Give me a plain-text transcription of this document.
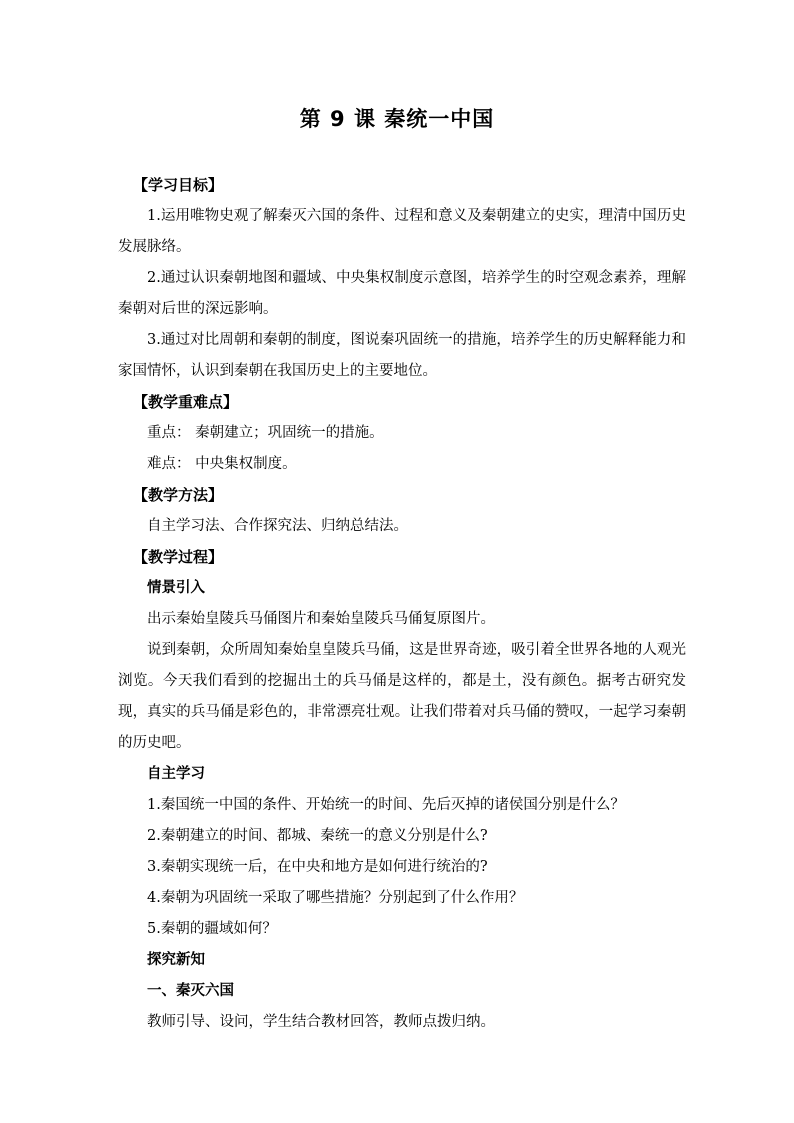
第 9 课 秦统一中国

【学习目标】

1.运用唯物史观了解秦灭六国的条件、过程和意义及秦朝建立的史实，理清中国历史发展脉络。

2.通过认识秦朝地图和疆域、中央集权制度示意图，培养学生的时空观念素养，理解秦朝对后世的深远影响。

3.通过对比周朝和秦朝的制度，图说秦巩固统一的措施，培养学生的历史解释能力和家国情怀，认识到秦朝在我国历史上的主要地位。

【教学重难点】

重点： 秦朝建立；巩固统一的措施。

难点： 中央集权制度。

【教学方法】

自主学习法、合作探究法、归纳总结法。

【教学过程】

情景引入

出示秦始皇陵兵马俑图片和秦始皇陵兵马俑复原图片。

说到秦朝，众所周知秦始皇皇陵兵马俑，这是世界奇迹，吸引着全世界各地的人观光浏览。今天我们看到的挖掘出土的兵马俑是这样的，都是土，没有颜色。据考古研究发现，真实的兵马俑是彩色的，非常漂亮壮观。让我们带着对兵马俑的赞叹，一起学习秦朝的历史吧。

自主学习

1.秦国统一中国的条件、开始统一的时间、先后灭掉的诸侯国分别是什么？

2.秦朝建立的时间、都城、秦统一的意义分别是什么?

3.秦朝实现统一后，在中央和地方是如何进行统治的?

4.秦朝为巩固统一采取了哪些措施？分别起到了什么作用？

5.秦朝的疆域如何？

探究新知

一、秦灭六国

教师引导、设问，学生结合教材回答，教师点拨归纳。
